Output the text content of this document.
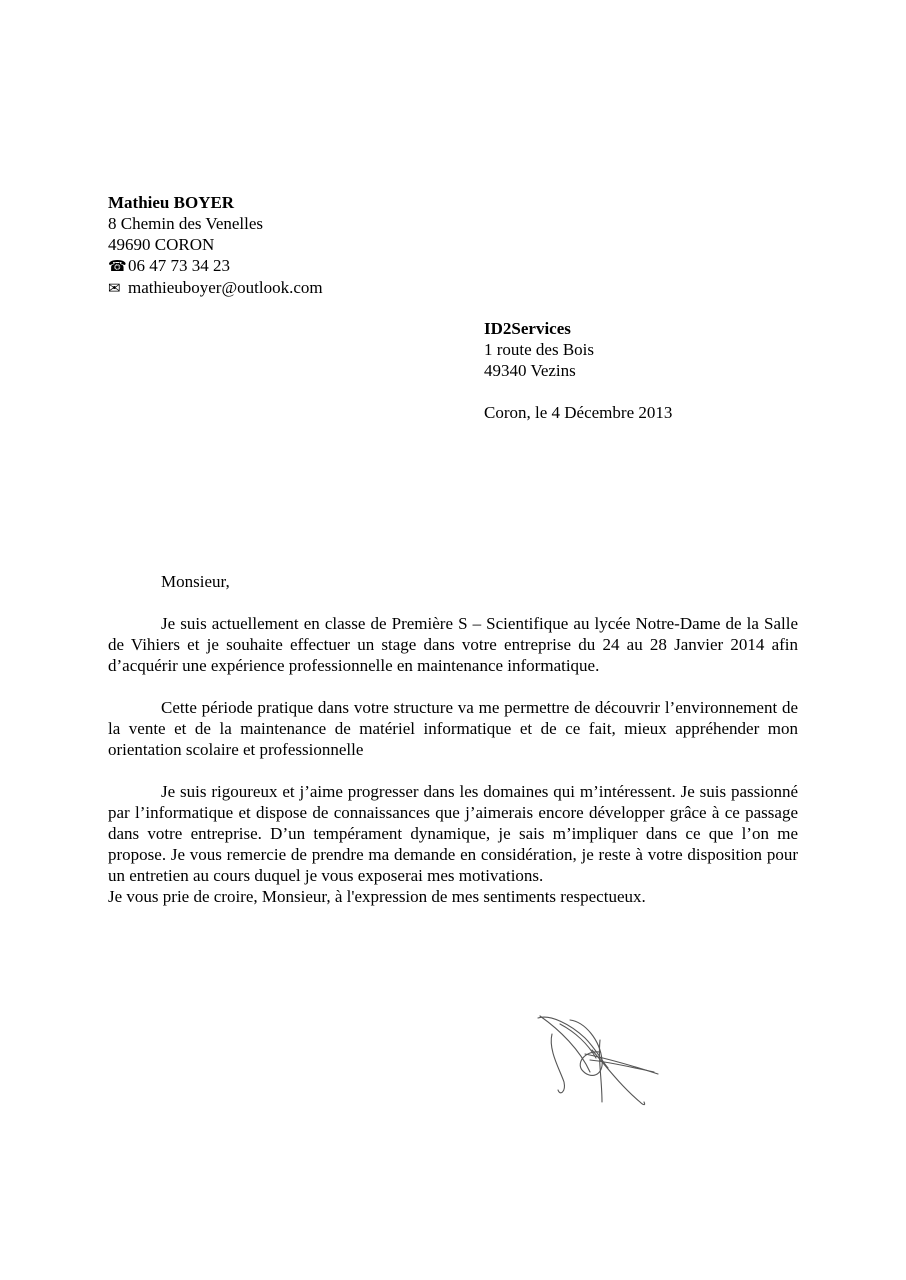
Mathieu BOYER
8 Chemin des Venelles
49690 CORON
☎06 47 73 34 23
✉ mathieuboyer@outlook.com
ID2Services
1 route des Bois
49340 Vezins
Coron, le 4 Décembre 2013
Monsieur,

Je suis actuellement en classe de Première S – Scientifique au lycée Notre-Dame de la Salle de Vihiers et je souhaite effectuer un stage dans votre entreprise du 24 au 28 Janvier 2014 afin d’acquérir une expérience professionnelle en maintenance informatique.

Cette période pratique dans votre structure va me permettre de découvrir l’environnement de la vente et de la maintenance de matériel informatique et de ce fait, mieux appréhender mon orientation scolaire et professionnelle

Je suis rigoureux et j’aime progresser dans les domaines qui m’intéressent. Je suis passionné par l’informatique et dispose de connaissances que j’aimerais encore développer grâce à ce passage dans votre entreprise. D’un tempérament dynamique, je sais m’impliquer dans ce que l’on me propose. Je vous remercie de prendre ma demande en considération, je reste à votre disposition pour un entretien au cours duquel je vous exposerai mes motivations.

Je vous prie de croire, Monsieur, à l'expression de mes sentiments respectueux.
